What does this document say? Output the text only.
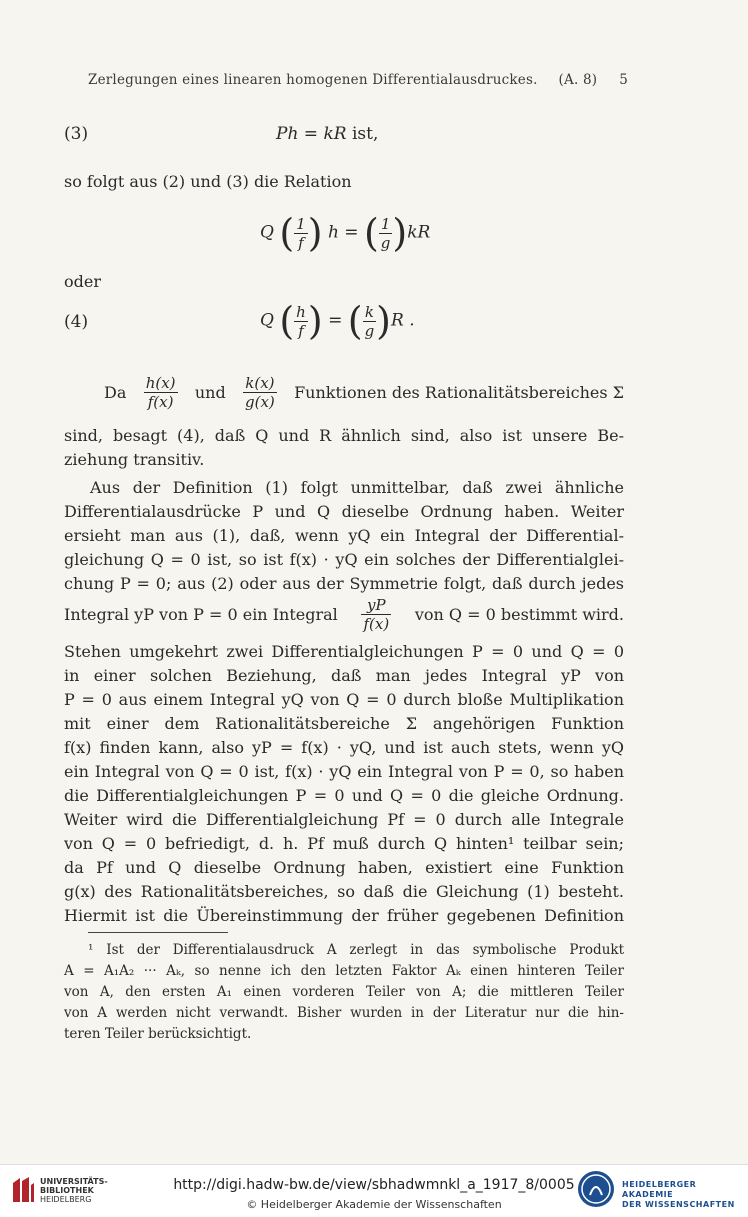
Zerlegungen eines linearen homogenen Differentialausdruckes. (A. 8) 5
(3)	Ph = kR ist,
so folgt aus (2) und (3) die Relation
Q ( $\frac{1}{f}$ ) h = ( $\frac{1}{g} )kR$
oder
(4)	Q ( $\frac{h}{f}$ ) = ( $\frac{k}{g} )R$ .
Da $\frac{h(x)}{f(x)}$ und $\frac{k(x)}{g(x)}$ Funktionen des Rationalitätsbereiches Σ
sind, besagt (4), daß Q und R ähnlich sind, also ist unsere Be-
ziehung transitiv.
Aus der Definition (1) folgt unmittelbar, daß zwei ähnliche
Differentialausdrücke P und Q dieselbe Ordnung haben. Weiter
ersieht man aus (1), daß, wenn yQ ein Integral der Differential-
gleichung Q = 0 ist, so ist f(x) · yQ ein solches der Differentialglei-
chung P = 0; aus (2) oder aus der Symmetrie folgt, daß durch jedes
Integral yP von P = 0 ein Integral $\frac{yP}{f(x)}$ von Q = 0 bestimmt wird.
Stehen umgekehrt zwei Differentialgleichungen P = 0 und Q = 0
in einer solchen Beziehung, daß man jedes Integral yP von
P = 0 aus einem Integral yQ von Q = 0 durch bloße Multiplikation
mit einer dem Rationalitätsbereiche Σ angehörigen Funktion
f(x) finden kann, also yP = f(x) · yQ, und ist auch stets, wenn yQ
ein Integral von Q = 0 ist, f(x) · yQ ein Integral von P = 0, so haben
die Differentialgleichungen P = 0 und Q = 0 die gleiche Ordnung.
Weiter wird die Differentialgleichung Pf = 0 durch alle Integrale
von Q = 0 befriedigt, d. h. Pf muß durch Q hinten¹ teilbar sein;
da Pf und Q dieselbe Ordnung haben, existiert eine Funktion
g(x) des Rationalitätsbereiches, so daß die Gleichung (1) besteht.
Hiermit ist die Übereinstimmung der früher gegebenen Definition
¹ Ist der Differentialausdruck A zerlegt in das symbolische Produkt
A = A₁A₂ ··· Aₖ, so nenne ich den letzten Faktor Aₖ einen hinteren Teiler
von A, den ersten A₁ einen vorderen Teiler von A; die mittleren Teiler
von A werden nicht verwandt. Bisher wurden in der Literatur nur die hin-
teren Teiler berücksichtigt.
UNIVERSITÄTS-
BIBLIOTHEK
HEIDELBERG
http://digi.hadw-bw.de/view/sbhadwmnkl_a_1917_8/0005
© Heidelberger Akademie der Wissenschaften
HEIDELBERGER AKADEMIE
DER WISSENSCHAFTEN
